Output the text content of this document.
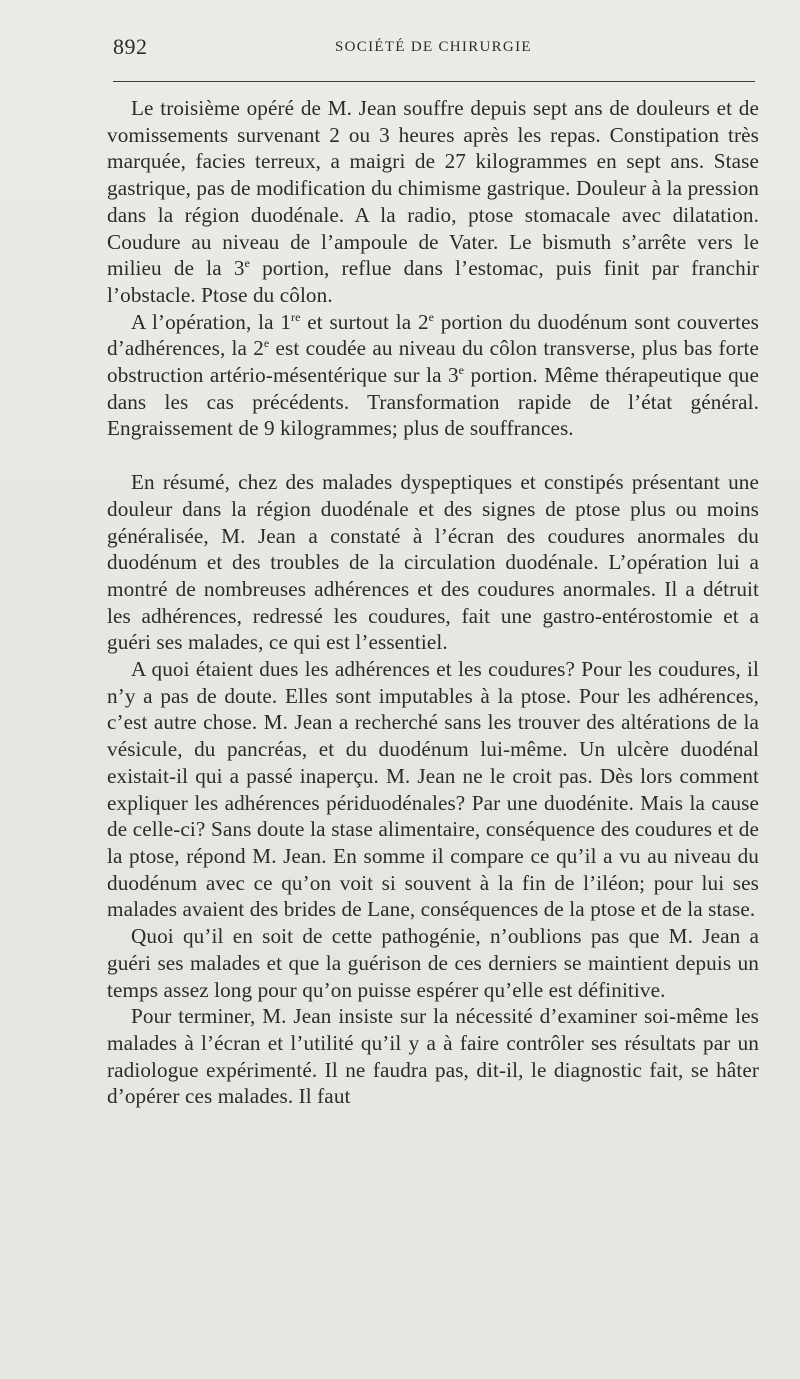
892	SOCIÉTÉ DE CHIRURGIE

Le troisième opéré de M. Jean souffre depuis sept ans de douleurs et de vomissements survenant 2 ou 3 heures après les repas. Constipation très marquée, facies terreux, a maigri de 27 kilogrammes en sept ans. Stase gastrique, pas de modification du chimisme gastrique. Douleur à la pression dans la région duodénale. A la radio, ptose stomacale avec dilatation. Coudure au niveau de l’ampoule de Vater. Le bismuth s’arrête vers le milieu de la 3e portion, reflue dans l’estomac, puis finit par franchir l’obstacle. Ptose du côlon.

A l’opération, la 1re et surtout la 2e portion du duodénum sont couvertes d’adhérences, la 2e est coudée au niveau du côlon transverse, plus bas forte obstruction artério-mésentérique sur la 3e portion. Même thérapeutique que dans les cas précédents. Transformation rapide de l’état général. Engraissement de 9 kilogrammes; plus de souffrances.

En résumé, chez des malades dyspeptiques et constipés présentant une douleur dans la région duodénale et des signes de ptose plus ou moins généralisée, M. Jean a constaté à l’écran des coudures anormales du duodénum et des troubles de la circulation duodénale. L’opération lui a montré de nombreuses adhérences et des coudures anormales. Il a détruit les adhérences, redressé les coudures, fait une gastro-entérostomie et a guéri ses malades, ce qui est l’essentiel.

A quoi étaient dues les adhérences et les coudures? Pour les coudures, il n’y a pas de doute. Elles sont imputables à la ptose. Pour les adhérences, c’est autre chose. M. Jean a recherché sans les trouver des altérations de la vésicule, du pancréas, et du duodénum lui-même. Un ulcère duodénal existait-il qui a passé inaperçu. M. Jean ne le croit pas. Dès lors comment expliquer les adhérences périduodénales? Par une duodénite. Mais la cause de celle-ci? Sans doute la stase alimentaire, conséquence des coudures et de la ptose, répond M. Jean. En somme il compare ce qu’il a vu au niveau du duodénum avec ce qu’on voit si souvent à la fin de l’iléon; pour lui ses malades avaient des brides de Lane, conséquences de la ptose et de la stase.

Quoi qu’il en soit de cette pathogénie, n’oublions pas que M. Jean a guéri ses malades et que la guérison de ces derniers se maintient depuis un temps assez long pour qu’on puisse espérer qu’elle est définitive.

Pour terminer, M. Jean insiste sur la nécessité d’examiner soi-même les malades à l’écran et l’utilité qu’il y a à faire contrôler ses résultats par un radiologue expérimenté. Il ne faudra pas, dit-il, le diagnostic fait, se hâter d’opérer ces malades. Il faut
